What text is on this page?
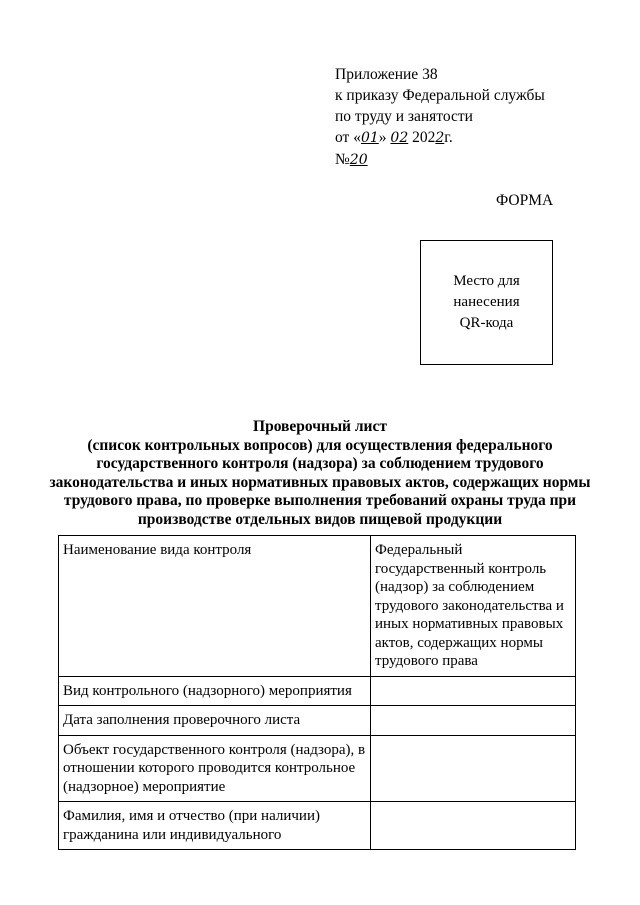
Приложение 38
к приказу Федеральной службы
по труду и занятости
от «01» 02 2022г.
№20
ФОРМА
Место для
нанесения
QR-кода
Проверочный лист
(список контрольных вопросов) для осуществления федерального
государственного контроля (надзора) за соблюдением трудового
законодательства и иных нормативных правовых актов, содержащих нормы
трудового права, по проверке выполнения требований охраны труда при
производстве отдельных видов пищевой продукции
Наименование вида контроля	Федеральный государственный контроль (надзор) за соблюдением трудового законодательства и иных нормативных правовых актов, содержащих нормы трудового права
Вид контрольного (надзорного) мероприятия	
Дата заполнения проверочного листа	
Объект государственного контроля (надзора), в отношении которого проводится контрольное (надзорное) мероприятие	
Фамилия, имя и отчество (при наличии) гражданина или индивидуального	
